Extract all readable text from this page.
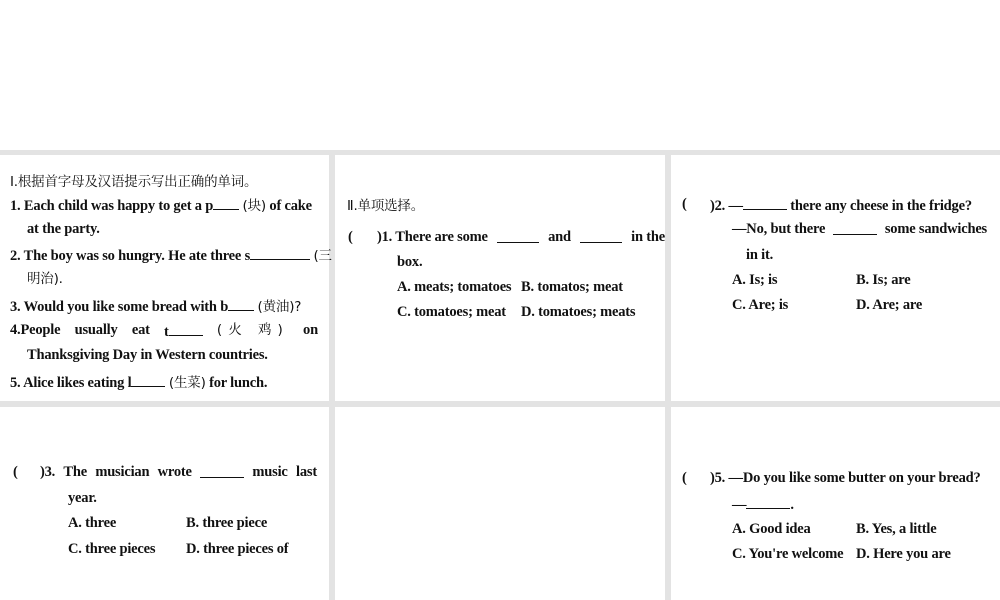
Ⅰ.根据首字母及汉语提示写出正确的单词。
1. Each child was happy to get a p (块) of cake
at the party.
2. The boy was so hungry. He ate three s	(三
明治).
3. Would you like some bread with b (黄油)?
4.People usually eat t	(火 鸡) on
Thanksgiving Day in Western countries.
5. Alice likes eating l	(生菜) for lunch.
Ⅱ.单项选择。
( )1. There are some	and	in the
box.
A. meats; tomatoes B. tomatos; meat
C. tomatoes; meat D. tomatoes; meats
( )2. —	there any cheese in the fridge?
—No, but there	some sandwiches
in it.
A. Is; is	B. Is; are
C. Are; is	D. Are; are
( )3. The musician wrote	music last
year.
A. three	B. three piece
C. three pieces D. three pieces of
( )5. —Do you like some butter on your bread?
—	.
A. Good idea	B. Yes, a little
C. You're welcome D. Here you are
